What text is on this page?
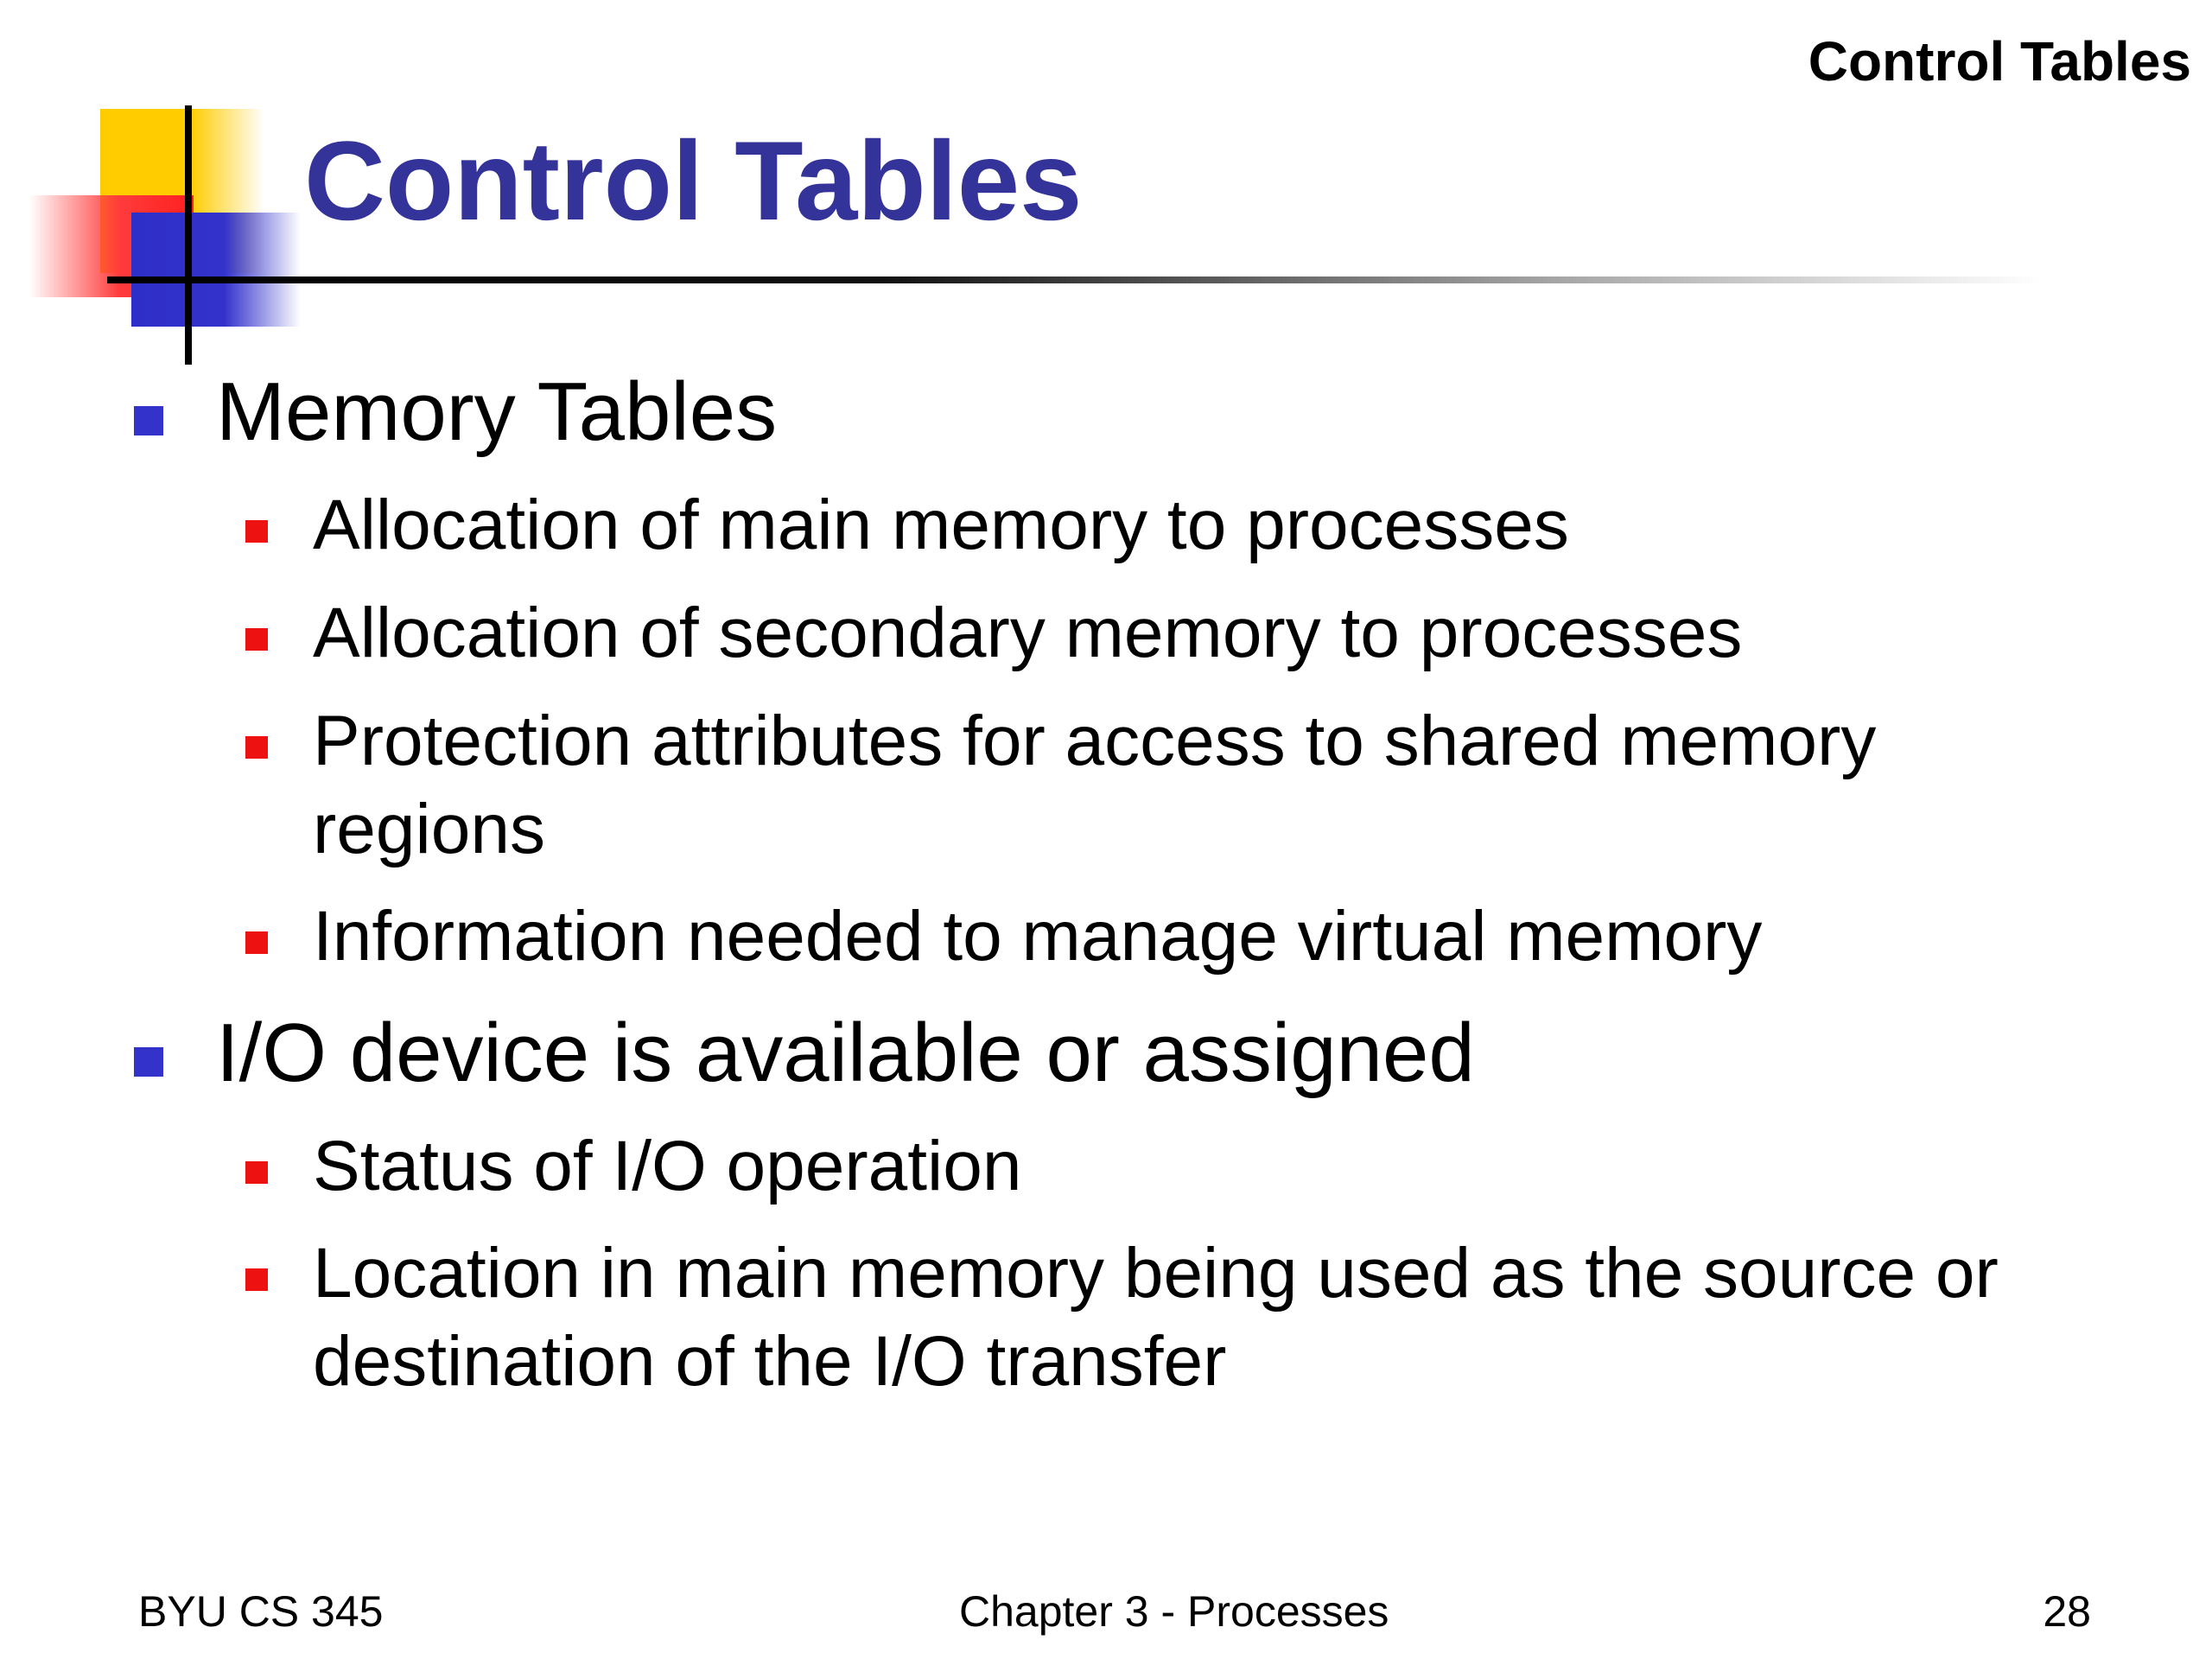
Control Tables
Control Tables
Memory Tables
Allocation of main memory to processes
Allocation of secondary memory to processes
Protection attributes for access to shared memory
regions
Information needed to manage virtual memory
I/O device is available or assigned
Status of I/O operation
Location in main memory being used as the source or
destination of the I/O transfer
BYU CS 345	Chapter 3 - Processes	28
